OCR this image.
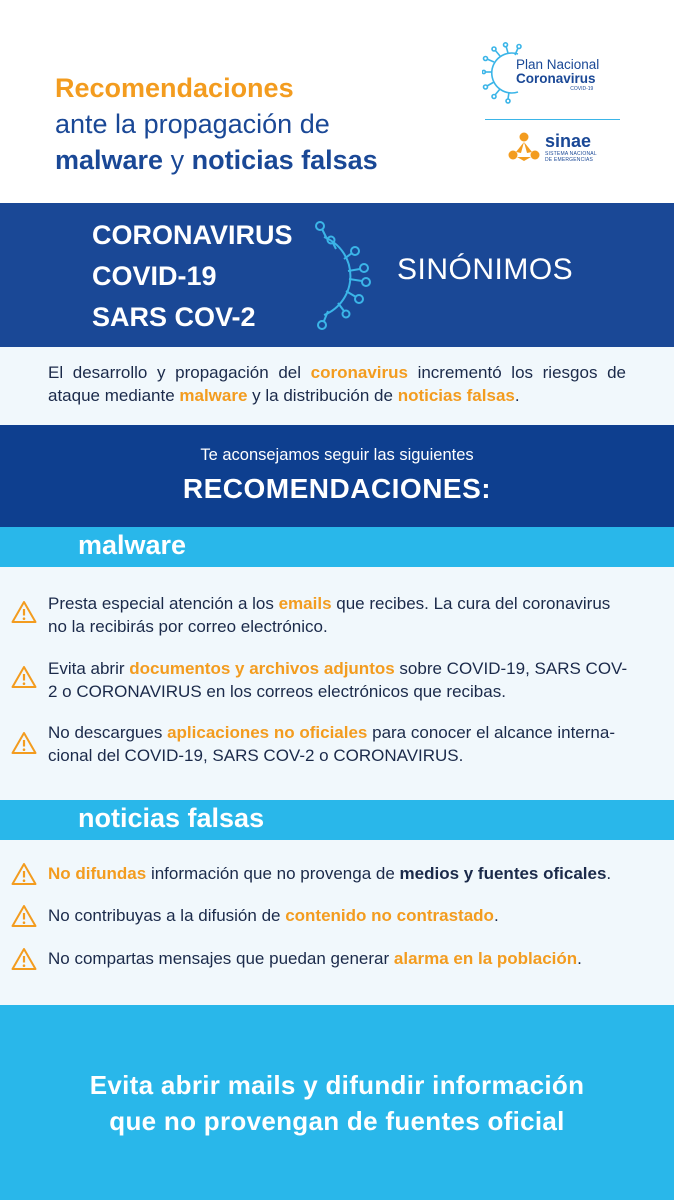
Recomendaciones
ante la propagación de
malware y noticias falsas
Plan Nacional
Coronavirus
COVID-19
sinae
SISTEMA NACIONAL
DE EMERGENCIAS
CORONAVIRUS
COVID-19
SARS COV-2
SINÓNIMOS

El desarrollo y propagación del coronavirus incrementó los riesgos de ataque mediante malware y la distribución de noticias falsas.

Te aconsejamos seguir las siguientes
RECOMENDACIONES:
malware

Presta especial atención a los emails que recibes. La cura del coronavirus no la recibirás por correo electrónico.

Evita abrir documentos y archivos adjuntos sobre COVID-19, SARS COV-2 o CORONAVIRUS en los correos electrónicos que recibas.

No descargues aplicaciones no oficiales para conocer el alcance interna-cional del COVID-19, SARS COV-2 o CORONAVIRUS.

noticias falsas

No difundas información que no provenga de medios y fuentes oficales.

No contribuyas a la difusión de contenido no contrastado.

No compartas mensajes que puedan generar alarma en la población.

Evita abrir mails y difundir información
que no provengan de fuentes oficial
